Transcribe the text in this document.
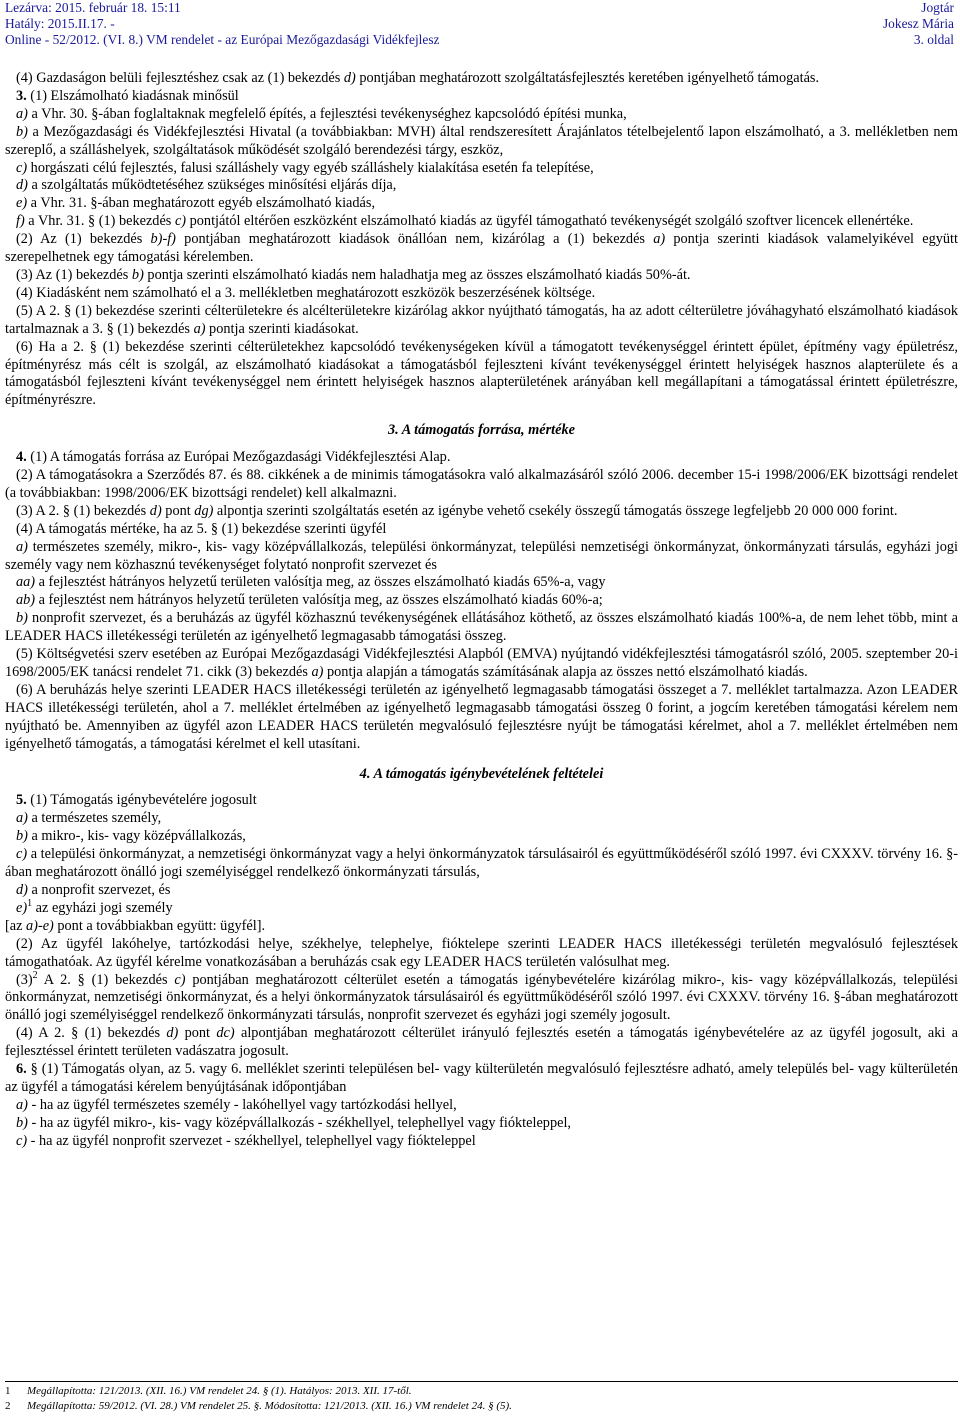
Lezárva: 2015. február 18. 15:11
Hatály: 2015.II.17. -
Online - 52/2012. (VI. 8.) VM rendelet - az Európai Mezőgazdasági Vidékfejlesz
Jogtár
Jokesz Mária
3. oldal

(4) Gazdaságon belüli fejlesztéshez csak az (1) bekezdés d) pontjában meghatározott szolgáltatásfejlesztés keretében igényelhető támogatás.

3. (1) Elszámolható kiadásnak minősül

a) a Vhr. 30. §-ában foglaltaknak megfelelő építés, a fejlesztési tevékenységhez kapcsolódó építési munka,

b) a Mezőgazdasági és Vidékfejlesztési Hivatal (a továbbiakban: MVH) által rendszeresített Árajánlatos tételbejelentő lapon elszámolható, a 3. mellékletben nem szereplő, a szálláshelyek, szolgáltatások működését szolgáló berendezési tárgy, eszköz,

c) horgászati célú fejlesztés, falusi szálláshely vagy egyéb szálláshely kialakítása esetén fa telepítése,

d) a szolgáltatás működtetéséhez szükséges minősítési eljárás díja,

e) a Vhr. 31. §-ában meghatározott egyéb elszámolható kiadás,

f) a Vhr. 31. § (1) bekezdés c) pontjától eltérően eszközként elszámolható kiadás az ügyfél támogatható tevékenységét szolgáló szoftver licencek ellenértéke.

(2) Az (1) bekezdés b)-f) pontjában meghatározott kiadások önállóan nem, kizárólag a (1) bekezdés a) pontja szerinti kiadások valamelyikével együtt szerepelhetnek egy támogatási kérelemben.

(3) Az (1) bekezdés b) pontja szerinti elszámolható kiadás nem haladhatja meg az összes elszámolható kiadás 50%-át.

(4) Kiadásként nem számolható el a 3. mellékletben meghatározott eszközök beszerzésének költsége.

(5) A 2. § (1) bekezdése szerinti célterületekre és alcélterületekre kizárólag akkor nyújtható támogatás, ha az adott célterületre jóváhagyható elszámolható kiadások tartalmaznak a 3. § (1) bekezdés a) pontja szerinti kiadásokat.

(6) Ha a 2. § (1) bekezdése szerinti célterületekhez kapcsolódó tevékenységeken kívül a támogatott tevékenységgel érintett épület, építmény vagy épületrész, építményrész más célt is szolgál, az elszámolható kiadásokat a támogatásból fejleszteni kívánt tevékenységgel érintett helyiségek hasznos alapterülete és a támogatásból fejleszteni kívánt tevékenységgel nem érintett helyiségek hasznos alapterületének arányában kell megállapítani a támogatással érintett épületrészre, építményrészre.

3. A támogatás forrása, mértéke

4. (1) A támogatás forrása az Európai Mezőgazdasági Vidékfejlesztési Alap.

(2) A támogatásokra a Szerződés 87. és 88. cikkének a de minimis támogatásokra való alkalmazásáról szóló 2006. december 15-i 1998/2006/EK bizottsági rendelet (a továbbiakban: 1998/2006/EK bizottsági rendelet) kell alkalmazni.

(3) A 2. § (1) bekezdés d) pont dg) alpontja szerinti szolgáltatás esetén az igénybe vehető csekély összegű támogatás összege legfeljebb 20 000 000 forint.

(4) A támogatás mértéke, ha az 5. § (1) bekezdése szerinti ügyfél

a) természetes személy, mikro-, kis- vagy középvállalkozás, települési önkormányzat, települési nemzetiségi önkormányzat, önkormányzati társulás, egyházi jogi személy vagy nem közhasznú tevékenységet folytató nonprofit szervezet és

aa) a fejlesztést hátrányos helyzetű területen valósítja meg, az összes elszámolható kiadás 65%-a, vagy

ab) a fejlesztést nem hátrányos helyzetű területen valósítja meg, az összes elszámolható kiadás 60%-a;

b) nonprofit szervezet, és a beruházás az ügyfél közhasznú tevékenységének ellátásához köthető, az összes elszámolható kiadás 100%-a, de nem lehet több, mint a LEADER HACS illetékességi területén az igényelhető legmagasabb támogatási összeg.

(5) Költségvetési szerv esetében az Európai Mezőgazdasági Vidékfejlesztési Alapból (EMVA) nyújtandó vidékfejlesztési támogatásról szóló, 2005. szeptember 20-i 1698/2005/EK tanácsi rendelet 71. cikk (3) bekezdés a) pontja alapján a támogatás számításának alapja az összes nettó elszámolható kiadás.

(6) A beruházás helye szerinti LEADER HACS illetékességi területén az igényelhető legmagasabb támogatási összeget a 7. melléklet tartalmazza. Azon LEADER HACS illetékességi területén, ahol a 7. melléklet értelmében az igényelhető legmagasabb támogatási összeg 0 forint, a jogcím keretében támogatási kérelem nem nyújtható be. Amennyiben az ügyfél azon LEADER HACS területén megvalósuló fejlesztésre nyújt be támogatási kérelmet, ahol a 7. melléklet értelmében nem igényelhető támogatás, a támogatási kérelmet el kell utasítani.

4. A támogatás igénybevételének feltételei

5. (1) Támogatás igénybevételére jogosult

a) a természetes személy,

b) a mikro-, kis- vagy középvállalkozás,

c) a települési önkormányzat, a nemzetiségi önkormányzat vagy a helyi önkormányzatok társulásairól és együttműködéséről szóló 1997. évi CXXXV. törvény 16. §-ában meghatározott önálló jogi személyiséggel rendelkező önkormányzati társulás,

d) a nonprofit szervezet, és

e)$^1$ az egyházi jogi személy

[az a)-e) pont a továbbiakban együtt: ügyfél].

(2) Az ügyfél lakóhelye, tartózkodási helye, székhelye, telephelye, fióktelepe szerinti LEADER HACS illetékességi területén megvalósuló fejlesztések támogathatóak. Az ügyfél kérelme vonatkozásában a beruházás csak egy LEADER HACS területén valósulhat meg.

$(3)^2$ A 2. § (1) bekezdés c) pontjában meghatározott célterület esetén a támogatás igénybevételére kizárólag mikro-, kis- vagy középvállalkozás, települési önkormányzat, nemzetiségi önkormányzat, és a helyi önkormányzatok társulásairól és együttműködéséről szóló 1997. évi CXXXV. törvény 16. §-ában meghatározott önálló jogi személyiséggel rendelkező önkormányzati társulás, nonprofit szervezet és egyházi jogi személy jogosult.

(4) A 2. § (1) bekezdés d) pont dc) alpontjában meghatározott célterület irányuló fejlesztés esetén a támogatás igénybevételére az az ügyfél jogosult, aki a fejlesztéssel érintett területen vadászatra jogosult.

6. § (1) Támogatás olyan, az 5. vagy 6. melléklet szerinti településen bel- vagy külterületén megvalósuló fejlesztésre adható, amely település bel- vagy külterületén az ügyfél a támogatási kérelem benyújtásának időpontjában

a) - ha az ügyfél természetes személy - lakóhellyel vagy tartózkodási hellyel,

b) - ha az ügyfél mikro-, kis- vagy középvállalkozás - székhellyel, telephellyel vagy fiókteleppel,

c) - ha az ügyfél nonprofit szervezet - székhellyel, telephellyel vagy fiókteleppel

1 Megállapította: 121/2013. (XII. 16.) VM rendelet 24. § (1). Hatályos: 2013. XII. 17-től.
2 Megállapította: 59/2012. (VI. 28.) VM rendelet 25. §. Módosította: 121/2013. (XII. 16.) VM rendelet 24. § (5).
